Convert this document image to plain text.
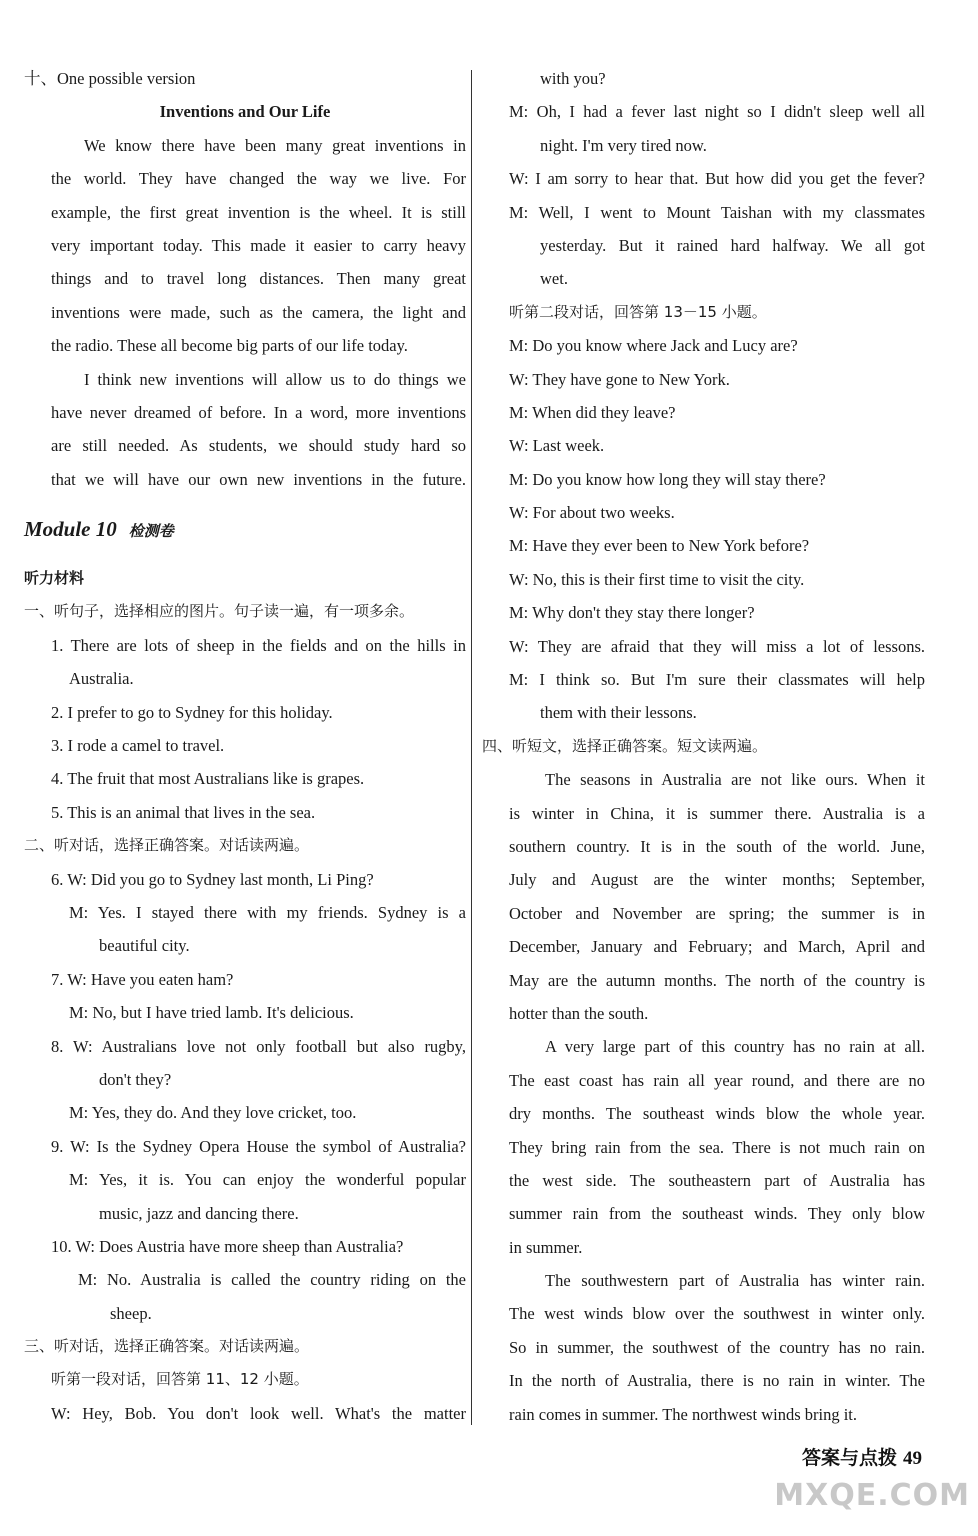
十、One possible version
Inventions and Our Life
We know there have been many great inventions in
the world. They have changed the way we live. For
example, the first great invention is the wheel. It is still
very important today. This made it easier to carry heavy
things and to travel long distances. Then many great
inventions were made, such as the camera, the light and
the radio. These all become big parts of our life today.
I think new inventions will allow us to do things we
have never dreamed of before. In a word, more inventions
are still needed. As students, we should study hard so
that we will have our own new inventions in the future.
Module 10 检测卷
听力材料
一、听句子，选择相应的图片。句子读一遍，有一项多余。
1. There are lots of sheep in the fields and on the hills in
Australia.
2. I prefer to go to Sydney for this holiday.
3. I rode a camel to travel.
4. The fruit that most Australians like is grapes.
5. This is an animal that lives in the sea.
二、听对话，选择正确答案。对话读两遍。
6. W: Did you go to Sydney last month, Li Ping?
M: Yes. I stayed there with my friends. Sydney is a
beautiful city.
7. W: Have you eaten ham?
M: No, but I have tried lamb. It's delicious.
8. W: Australians love not only football but also rugby,
don't they?
M: Yes, they do. And they love cricket, too.
9. W: Is the Sydney Opera House the symbol of Australia?
M: Yes, it is. You can enjoy the wonderful popular
music, jazz and dancing there.
10. W: Does Austria have more sheep than Australia?
M: No. Australia is called the country riding on the
sheep.
三、听对话，选择正确答案。对话读两遍。
听第一段对话，回答第 11、12 小题。
W: Hey, Bob. You don't look well. What's the matter
with you?
M: Oh, I had a fever last night so I didn't sleep well all
night. I'm very tired now.
W: I am sorry to hear that. But how did you get the fever?
M: Well, I went to Mount Taishan with my classmates
yesterday. But it rained hard halfway. We all got
wet.
听第二段对话，回答第 13－15 小题。
M: Do you know where Jack and Lucy are?
W: They have gone to New York.
M: When did they leave?
W: Last week.
M: Do you know how long they will stay there?
W: For about two weeks.
M: Have they ever been to New York before?
W: No, this is their first time to visit the city.
M: Why don't they stay there longer?
W: They are afraid that they will miss a lot of lessons.
M: I think so. But I'm sure their classmates will help
them with their lessons.
四、听短文，选择正确答案。短文读两遍。
The seasons in Australia are not like ours. When it
is winter in China, it is summer there. Australia is a
southern country. It is in the south of the world. June,
July and August are the winter months; September,
October and November are spring; the summer is in
December, January and February; and March, April and
May are the autumn months. The north of the country is
hotter than the south.
A very large part of this country has no rain at all.
The east coast has rain all year round, and there are no
dry months. The southeast winds blow the whole year.
They bring rain from the sea. There is not much rain on
the west side. The southeastern part of Australia has
summer rain from the southeast winds. They only blow
in summer.
The southwestern part of Australia has winter rain.
The west winds blow over the southwest in winter only.
So in summer, the southwest of the country has no rain.
In the north of Australia, there is no rain in winter. The
rain comes in summer. The northwest winds bring it.
答案与点拨 49
MXQE.COM
